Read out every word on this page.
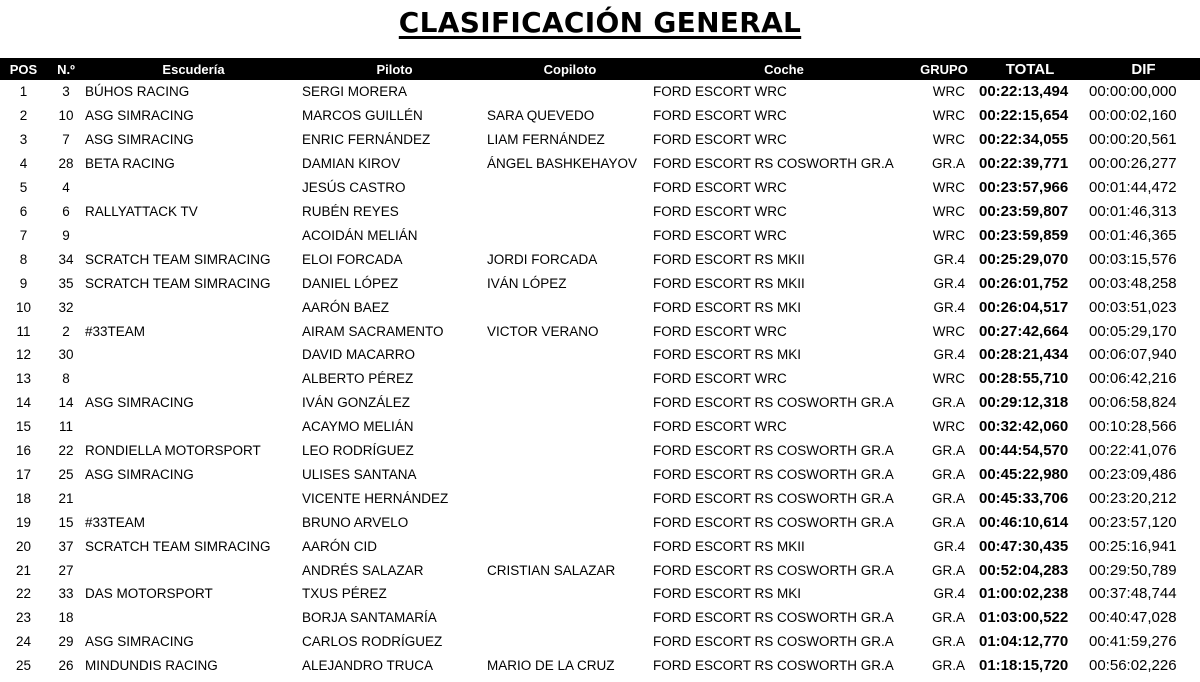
CLASIFICACIÓN GENERAL
POS	N.º	Escudería	Piloto	Copiloto	Coche	GRUPO	TOTAL	DIF
1	3	BÚHOS RACING	SERGI MORERA		FORD ESCORT WRC	WRC	00:22:13,494	00:00:00,000
2	10	ASG SIMRACING	MARCOS GUILLÉN	SARA QUEVEDO	FORD ESCORT WRC	WRC	00:22:15,654	00:00:02,160
3	7	ASG SIMRACING	ENRIC FERNÁNDEZ	LIAM FERNÁNDEZ	FORD ESCORT WRC	WRC	00:22:34,055	00:00:20,561
4	28	BETA RACING	DAMIAN KIROV	ÁNGEL BASHKEHAYOV	FORD ESCORT RS COSWORTH GR.A	GR.A	00:22:39,771	00:00:26,277
5	4		JESÚS CASTRO		FORD ESCORT WRC	WRC	00:23:57,966	00:01:44,472
6	6	RALLYATTACK TV	RUBÉN REYES		FORD ESCORT WRC	WRC	00:23:59,807	00:01:46,313
7	9		ACOIDÁN MELIÁN		FORD ESCORT WRC	WRC	00:23:59,859	00:01:46,365
8	34	SCRATCH TEAM SIMRACING	ELOI FORCADA	JORDI FORCADA	FORD ESCORT RS MKII	GR.4	00:25:29,070	00:03:15,576
9	35	SCRATCH TEAM SIMRACING	DANIEL LÓPEZ	IVÁN LÓPEZ	FORD ESCORT RS MKII	GR.4	00:26:01,752	00:03:48,258
10	32		AARÓN BAEZ		FORD ESCORT RS MKI	GR.4	00:26:04,517	00:03:51,023
11	2	#33TEAM	AIRAM SACRAMENTO	VICTOR VERANO	FORD ESCORT WRC	WRC	00:27:42,664	00:05:29,170
12	30		DAVID MACARRO		FORD ESCORT RS MKI	GR.4	00:28:21,434	00:06:07,940
13	8		ALBERTO PÉREZ		FORD ESCORT WRC	WRC	00:28:55,710	00:06:42,216
14	14	ASG SIMRACING	IVÁN GONZÁLEZ		FORD ESCORT RS COSWORTH GR.A	GR.A	00:29:12,318	00:06:58,824
15	11		ACAYMO MELIÁN		FORD ESCORT WRC	WRC	00:32:42,060	00:10:28,566
16	22	RONDIELLA MOTORSPORT	LEO RODRÍGUEZ		FORD ESCORT RS COSWORTH GR.A	GR.A	00:44:54,570	00:22:41,076
17	25	ASG SIMRACING	ULISES SANTANA		FORD ESCORT RS COSWORTH GR.A	GR.A	00:45:22,980	00:23:09,486
18	21		VICENTE HERNÁNDEZ		FORD ESCORT RS COSWORTH GR.A	GR.A	00:45:33,706	00:23:20,212
19	15	#33TEAM	BRUNO ARVELO		FORD ESCORT RS COSWORTH GR.A	GR.A	00:46:10,614	00:23:57,120
20	37	SCRATCH TEAM SIMRACING	AARÓN CID		FORD ESCORT RS MKII	GR.4	00:47:30,435	00:25:16,941
21	27		ANDRÉS SALAZAR	CRISTIAN SALAZAR	FORD ESCORT RS COSWORTH GR.A	GR.A	00:52:04,283	00:29:50,789
22	33	DAS MOTORSPORT	TXUS PÉREZ		FORD ESCORT RS MKI	GR.4	01:00:02,238	00:37:48,744
23	18		BORJA SANTAMARÍA		FORD ESCORT RS COSWORTH GR.A	GR.A	01:03:00,522	00:40:47,028
24	29	ASG SIMRACING	CARLOS RODRÍGUEZ		FORD ESCORT RS COSWORTH GR.A	GR.A	01:04:12,770	00:41:59,276
25	26	MINDUNDIS RACING	ALEJANDRO TRUCA	MARIO DE LA CRUZ	FORD ESCORT RS COSWORTH GR.A	GR.A	01:18:15,720	00:56:02,226
